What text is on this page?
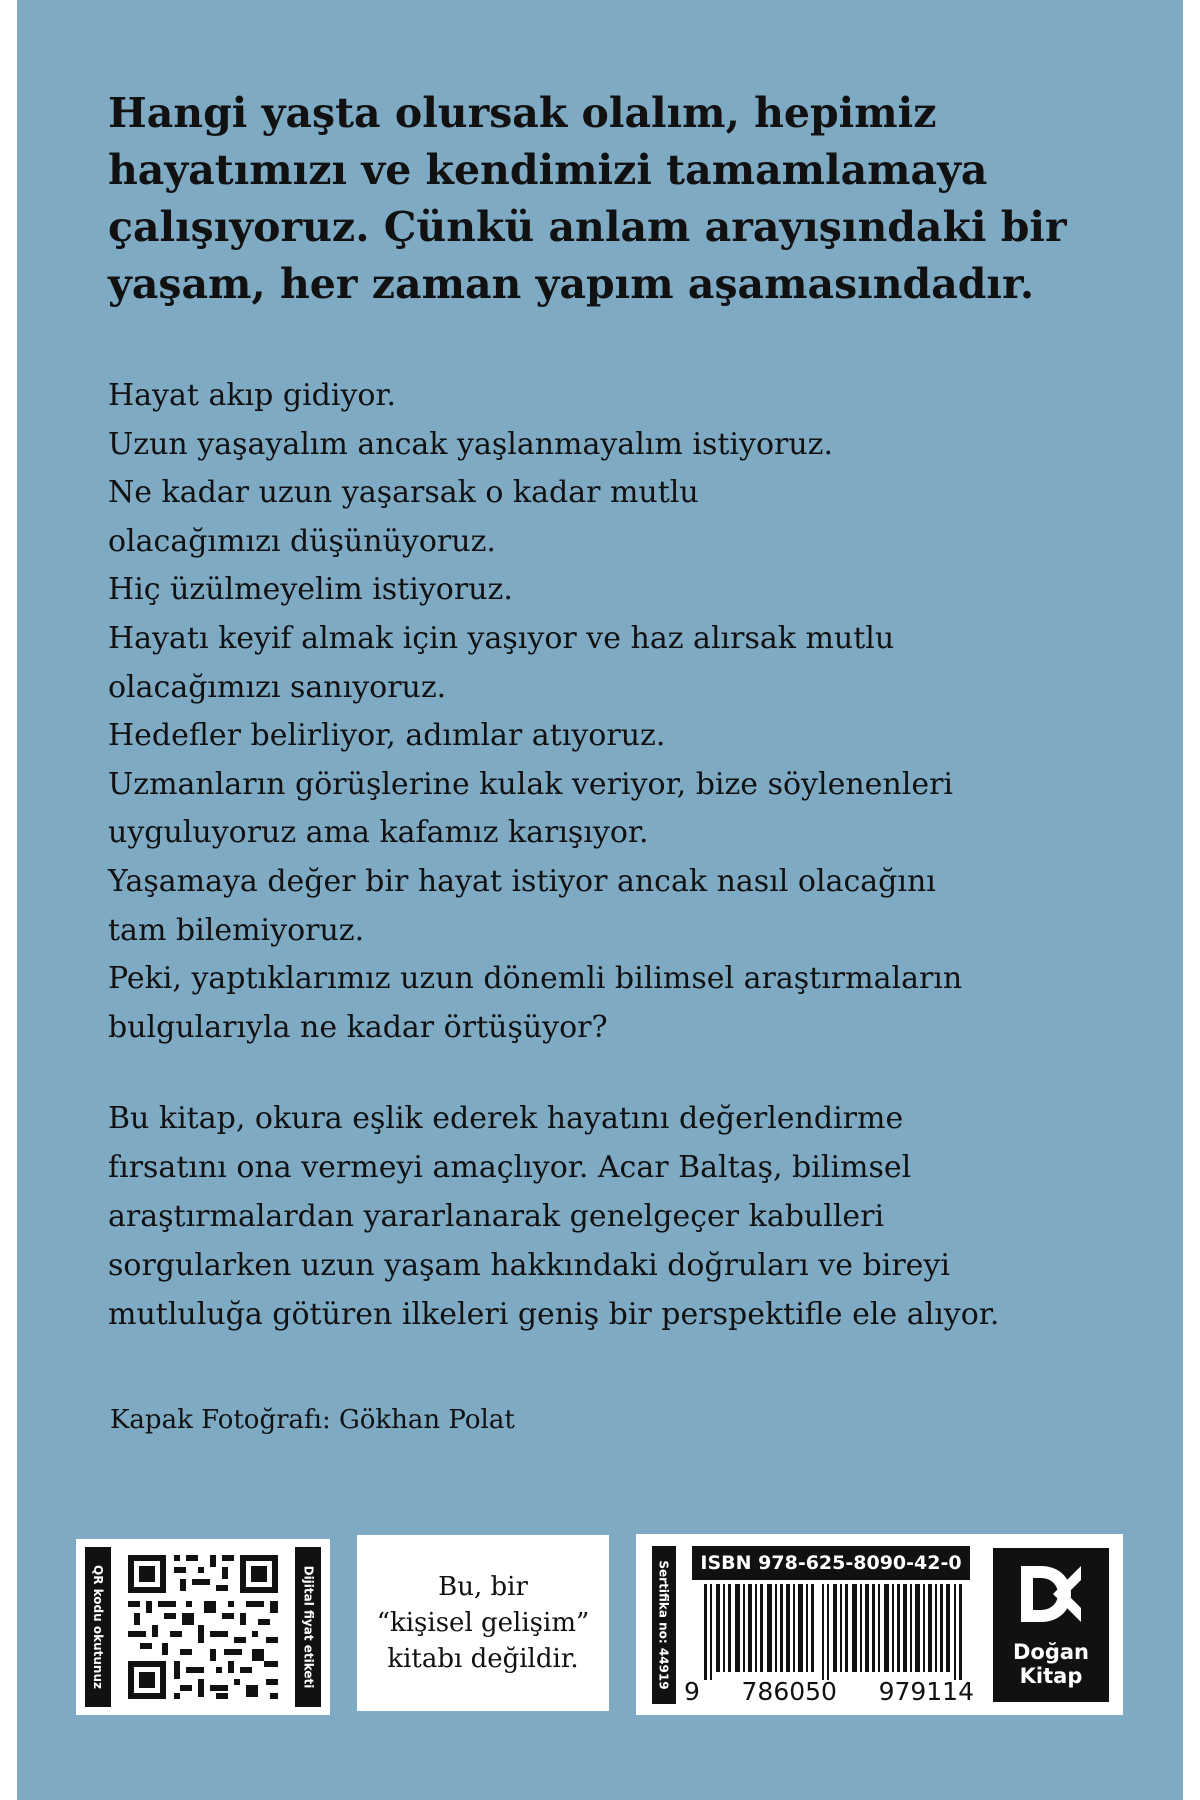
Hangi yaşta olursak olalım, hepimiz
hayatımızı ve kendimizi tamamlamaya
çalışıyoruz. Çünkü anlam arayışındaki bir
yaşam, her zaman yapım aşamasındadır.
Hayat akıp gidiyor.
Uzun yaşayalım ancak yaşlanmayalım istiyoruz.
Ne kadar uzun yaşarsak o kadar mutlu
olacağımızı düşünüyoruz.
Hiç üzülmeyelim istiyoruz.
Hayatı keyif almak için yaşıyor ve haz alırsak mutlu
olacağımızı sanıyoruz.
Hedefler belirliyor, adımlar atıyoruz.
Uzmanların görüşlerine kulak veriyor, bize söylenenleri
uyguluyoruz ama kafamız karışıyor.
Yaşamaya değer bir hayat istiyor ancak nasıl olacağını
tam bilemiyoruz.
Peki, yaptıklarımız uzun dönemli bilimsel araştırmaların
bulgularıyla ne kadar örtüşüyor?
Bu kitap, okura eşlik ederek hayatını değerlendirme
fırsatını ona vermeyi amaçlıyor. Acar Baltaş, bilimsel
araştırmalardan yararlanarak genelgeçer kabulleri
sorgularken uzun yaşam hakkındaki doğruları ve bireyi
mutluluğa götüren ilkeleri geniş bir perspektifle ele alıyor.
Kapak Fotoğrafı: Gökhan Polat
QR kodu okutunuz	Dijital fiyat etiketi	Bu, bir
“kişisel gelişim”
kitabı değildir.	Sertifika no: 44919	ISBN 978-625-8090-42-0
9 786050 979114
Doğan
Kitap
